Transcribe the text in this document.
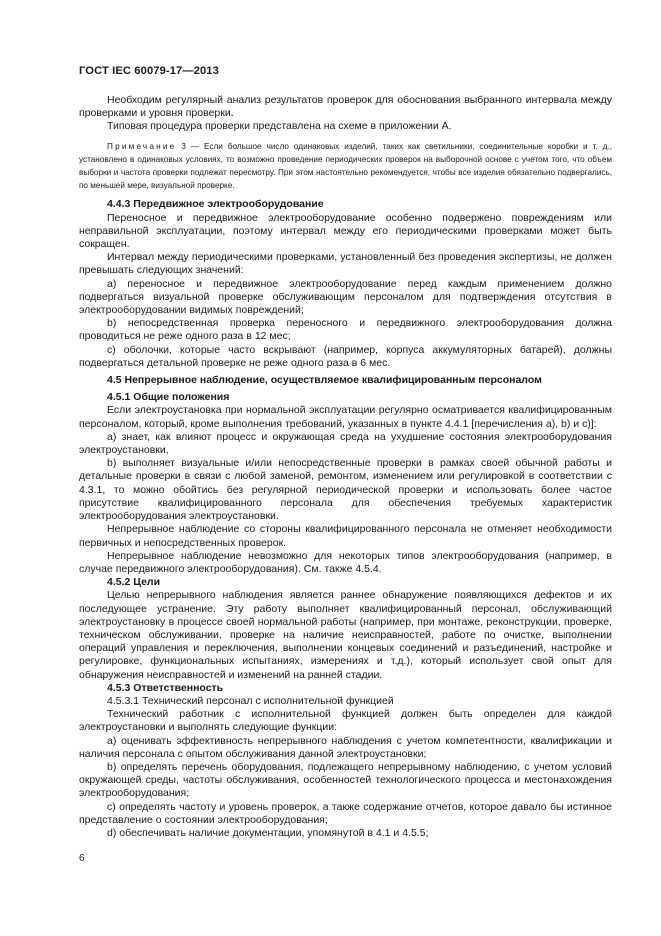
ГОСТ IEC 60079-17—2013

Необходим регулярный анализ результатов проверок для обоснования выбранного интервала между проверками и уровня проверки.

Типовая процедура проверки представлена на схеме в приложении А.

Примечание 3 — Если большое число одинаковых изделий, таких как светильники, соединительные коробки и т. д., установлено в одинаковых условиях, то возможно проведение периодических проверок на выборочной основе с учетом того, что объем выборки и частота проверки подлежат пересмотру. При этом настоятельно рекомендуется, чтобы все изделия обязательно подвергались, по меньшей мере, визуальной проверке.

4.4.3 Передвижное электрооборудование

Переносное и передвижное электрооборудование особенно подвержено повреждениям или неправильной эксплуатации, поэтому интервал между его периодическими проверками может быть сокращен.

Интервал между периодическими проверками, установленный без проведения экспертизы, не должен превышать следующих значений:

a) переносное и передвижное электрооборудование перед каждым применением должно подвергаться визуальной проверке обслуживающим персоналом для подтверждения отсутствия в электрооборудовании видимых повреждений;

b) непосредственная проверка переносного и передвижного электрооборудования должна проводиться не реже одного раза в 12 мес;

c) оболочки, которые часто вскрывают (например, корпуса аккумуляторных батарей), должны подвергаться детальной проверке не реже одного раза в 6 мес.

4.5 Непрерывное наблюдение, осуществляемое квалифицированным персоналом

4.5.1 Общие положения

Если электроустановка при нормальной эксплуатации регулярно осматривается квалифицированным персоналом, который, кроме выполнения требований, указанных в пункте 4.4.1 [перечисления а), b) и с)]:

a) знает, как влияют процесс и окружающая среда на ухудшение состояния электрооборудования электроустановки,

b) выполняет визуальные и/или непосредственные проверки в рамках своей обычной работы и детальные проверки в связи с любой заменой, ремонтом, изменением или регулировкой в соответствии с 4.3.1, то можно обойтись без регулярной периодической проверки и использовать более частое присутствие квалифицированного персонала для обеспечения требуемых характеристик электрооборудования электроустановки.

Непрерывное наблюдение со стороны квалифицированного персонала не отменяет необходимости первичных и непосредственных проверок.

Непрерывное наблюдение невозможно для некоторых типов электрооборудования (например, в случае передвижного электрооборудования). См. также 4.5.4.

4.5.2 Цели

Целью непрерывного наблюдения является раннее обнаружение появляющихся дефектов и их последующее устранение. Эту работу выполняет квалифицированный персонал, обслуживающий электроустановку в процессе своей нормальной работы (например, при монтаже, реконструкции, проверке, техническом обслуживании, проверке на наличие неисправностей, работе по очистке, выполнении операций управления и переключения, выполнении концевых соединений и разъединений, настройке и регулировке, функциональных испытаниях, измерениях и т.д.), который использует свой опыт для обнаружения неисправностей и изменений на ранней стадии.

4.5.3 Ответственность

4.5.3.1 Технический персонал с исполнительной функцией

Технический работник с исполнительной функцией должен быть определен для каждой электроустановки и выполнять следующие функции:

a) оценивать эффективность непрерывного наблюдения с учетом компетентности, квалификации и наличия персонала с опытом обслуживания данной электроустановки;

b) определять перечень оборудования, подлежащего непрерывному наблюдению, с учетом условий окружающей среды, частоты обслуживания, особенностей технологического процесса и местонахождения электрооборудования;

c) определять частоту и уровень проверок, а также содержание отчетов, которое давало бы истинное представление о состоянии электрооборудования;

d) обеспечивать наличие документации, упомянутой в 4.1 и 4.5.5;

6
